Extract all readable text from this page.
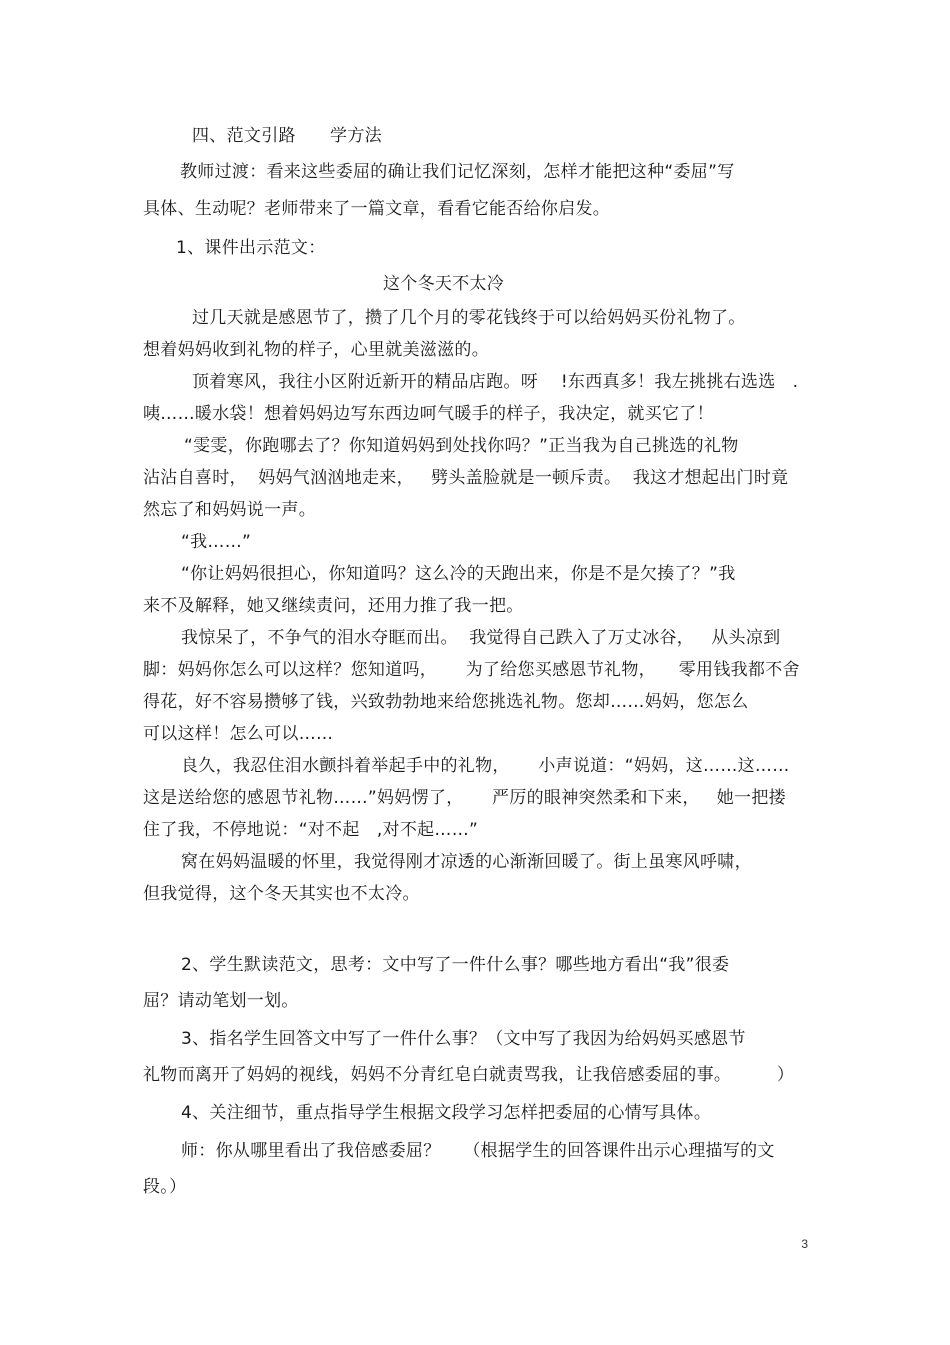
四、范文引路      学方法
教师过渡：看来这些委屈的确让我们记忆深刻，怎样才能把这种“委屈”写
具体、生动呢？老师带来了一篇文章，看看它能否给你启发。
1、课件出示范文：
这个冬天不太冷
过几天就是感恩节了，攒了几个月的零花钱终于可以给妈妈买份礼物了。
想着妈妈收到礼物的样子，心里就美滋滋的。
顶着寒风，我往小区附近新开的精品店跑。呀    !东西真多！我左挑挑右选选   .
咦……暖水袋！想着妈妈边写东西边呵气暖手的样子，我决定，就买它了！
“雯雯，你跑哪去了？你知道妈妈到处找你吗？”正当我为自己挑选的礼物
沾沾自喜时，  妈妈气汹汹地走来，   劈头盖脸就是一顿斥责。  我这才想起出门时竟
然忘了和妈妈说一声。
“我……”
“你让妈妈很担心，你知道吗？这么冷的天跑出来，你是不是欠揍了？”我
来不及解释，她又继续责问，还用力推了我一把。
我惊呆了，不争气的泪水夺眶而出。  我觉得自己跌入了万丈冰谷，   从头凉到
脚：妈妈你怎么可以这样？您知道吗，     为了给您买感恩节礼物，    零用钱我都不舍
得花，好不容易攒够了钱，兴致勃勃地来给您挑选礼物。您却……妈妈，您怎么
可以这样！怎么可以……
良久，我忍住泪水颤抖着举起手中的礼物，     小声说道：“妈妈，这……这……
这是送给您的感恩节礼物……”妈妈愣了，     严厉的眼神突然柔和下来，   她一把搂
住了我，不停地说：“对不起   ,对不起……”
窝在妈妈温暖的怀里，我觉得刚才凉透的心渐渐回暖了。街上虽寒风呼啸，
但我觉得，这个冬天其实也不太冷。
2、学生默读范文，思考：文中写了一件什么事？哪些地方看出“我”很委
屈？请动笔划一划。
3、指名学生回答文中写了一件什么事？（文中写了我因为给妈妈买感恩节
礼物而离开了妈妈的视线，妈妈不分青红皂白就责骂我，让我倍感委屈的事。        ）
4、关注细节，重点指导学生根据文段学习怎样把委屈的心情写具体。
师：你从哪里看出了我倍感委屈？    （根据学生的回答课件出示心理描写的文
段。）
3
